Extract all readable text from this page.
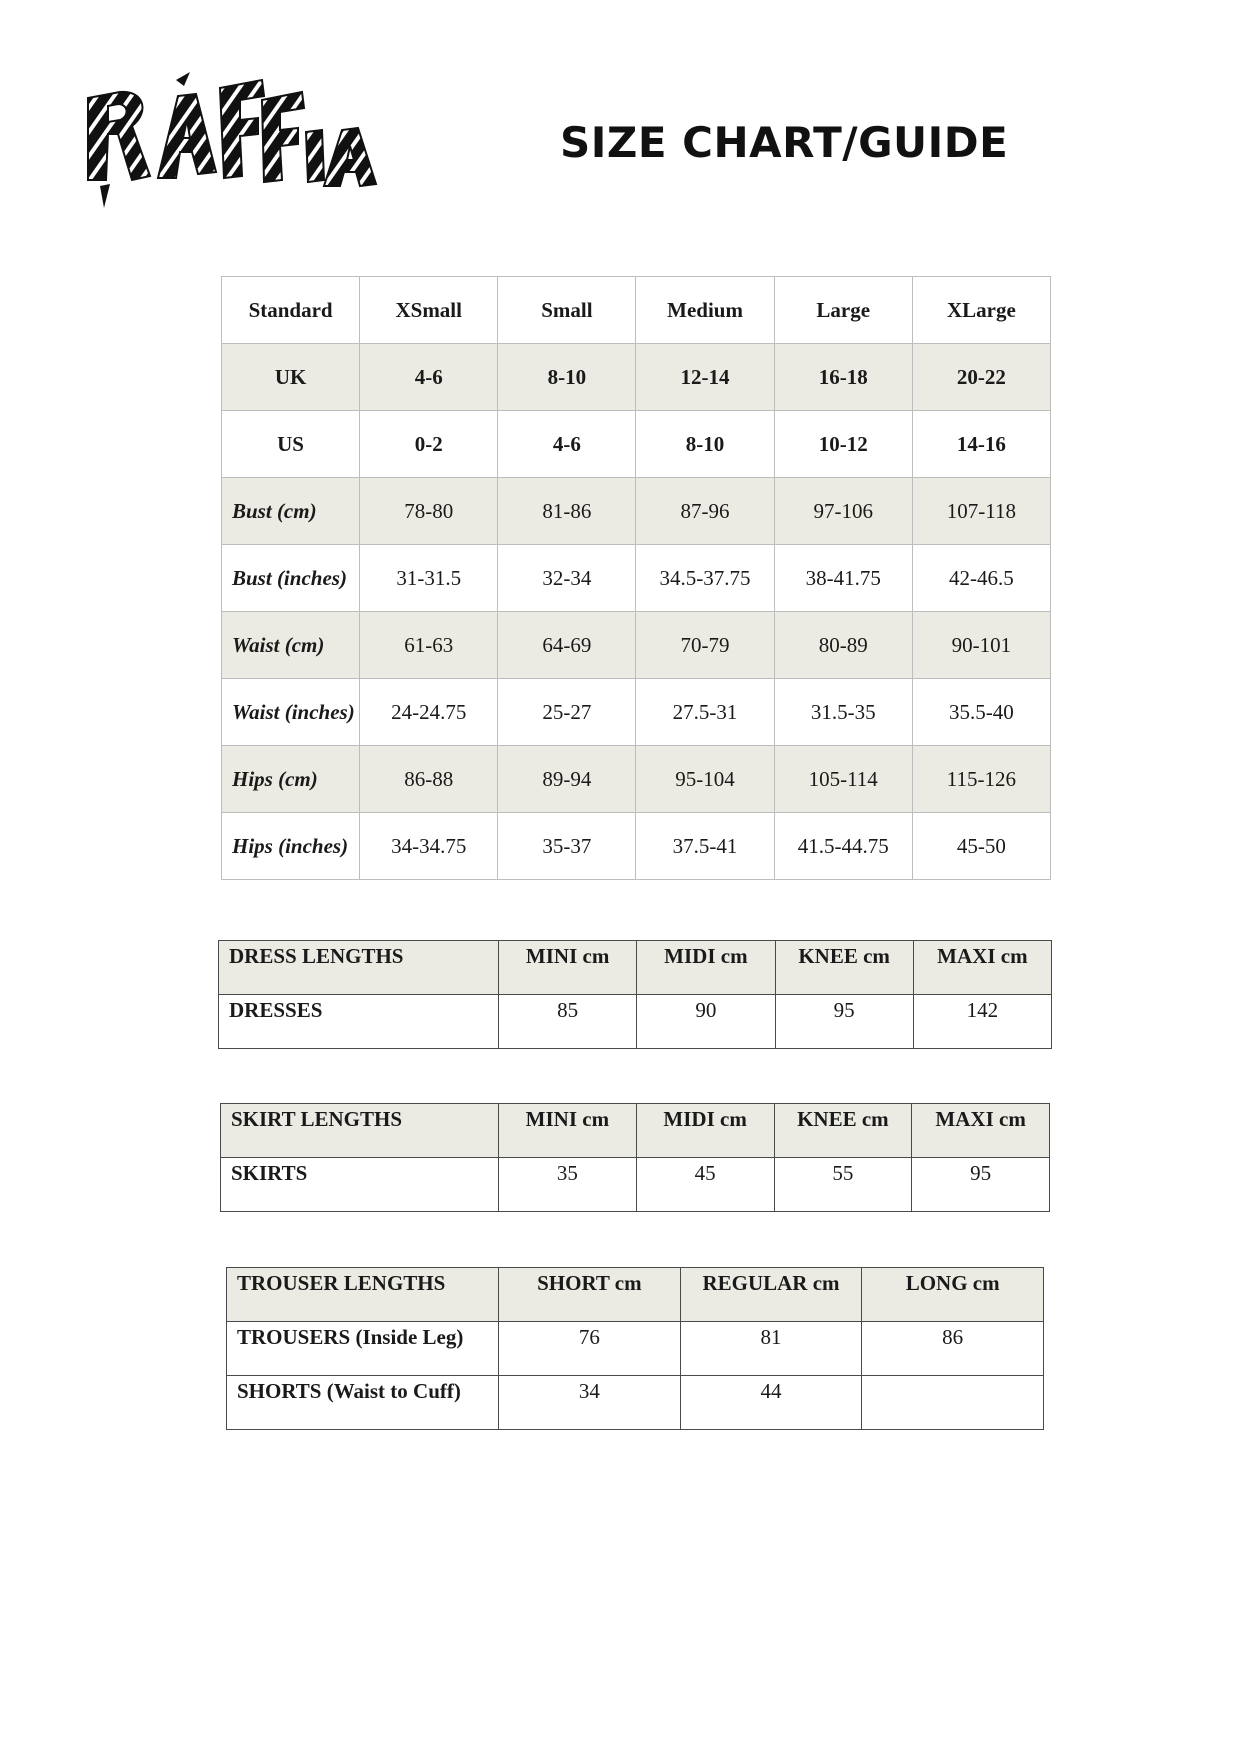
SIZE CHART/GUIDE
Standard	XSmall	Small	Medium	Large	XLarge
UK	4-6	8-10	12-14	16-18	20-22
US	0-2	4-6	8-10	10-12	14-16
Bust (cm)	78-80	81-86	87-96	97-106	107-118
Bust (inches)	31-31.5	32-34	34.5-37.75	38-41.75	42-46.5
Waist (cm)	61-63	64-69	70-79	80-89	90-101
Waist (inches)	24-24.75	25-27	27.5-31	31.5-35	35.5-40
Hips (cm)	86-88	89-94	95-104	105-114	115-126
Hips (inches)	34-34.75	35-37	37.5-41	41.5-44.75	45-50
DRESS LENGTHS	MINI cm	MIDI cm	KNEE cm	MAXI cm
DRESSES	85	90	95	142
SKIRT LENGTHS	MINI cm	MIDI cm	KNEE cm	MAXI cm
SKIRTS	35	45	55	95
TROUSER LENGTHS	SHORT cm	REGULAR cm	LONG cm
TROUSERS (Inside Leg)	76	81	86
SHORTS (Waist to Cuff)	34	44	
